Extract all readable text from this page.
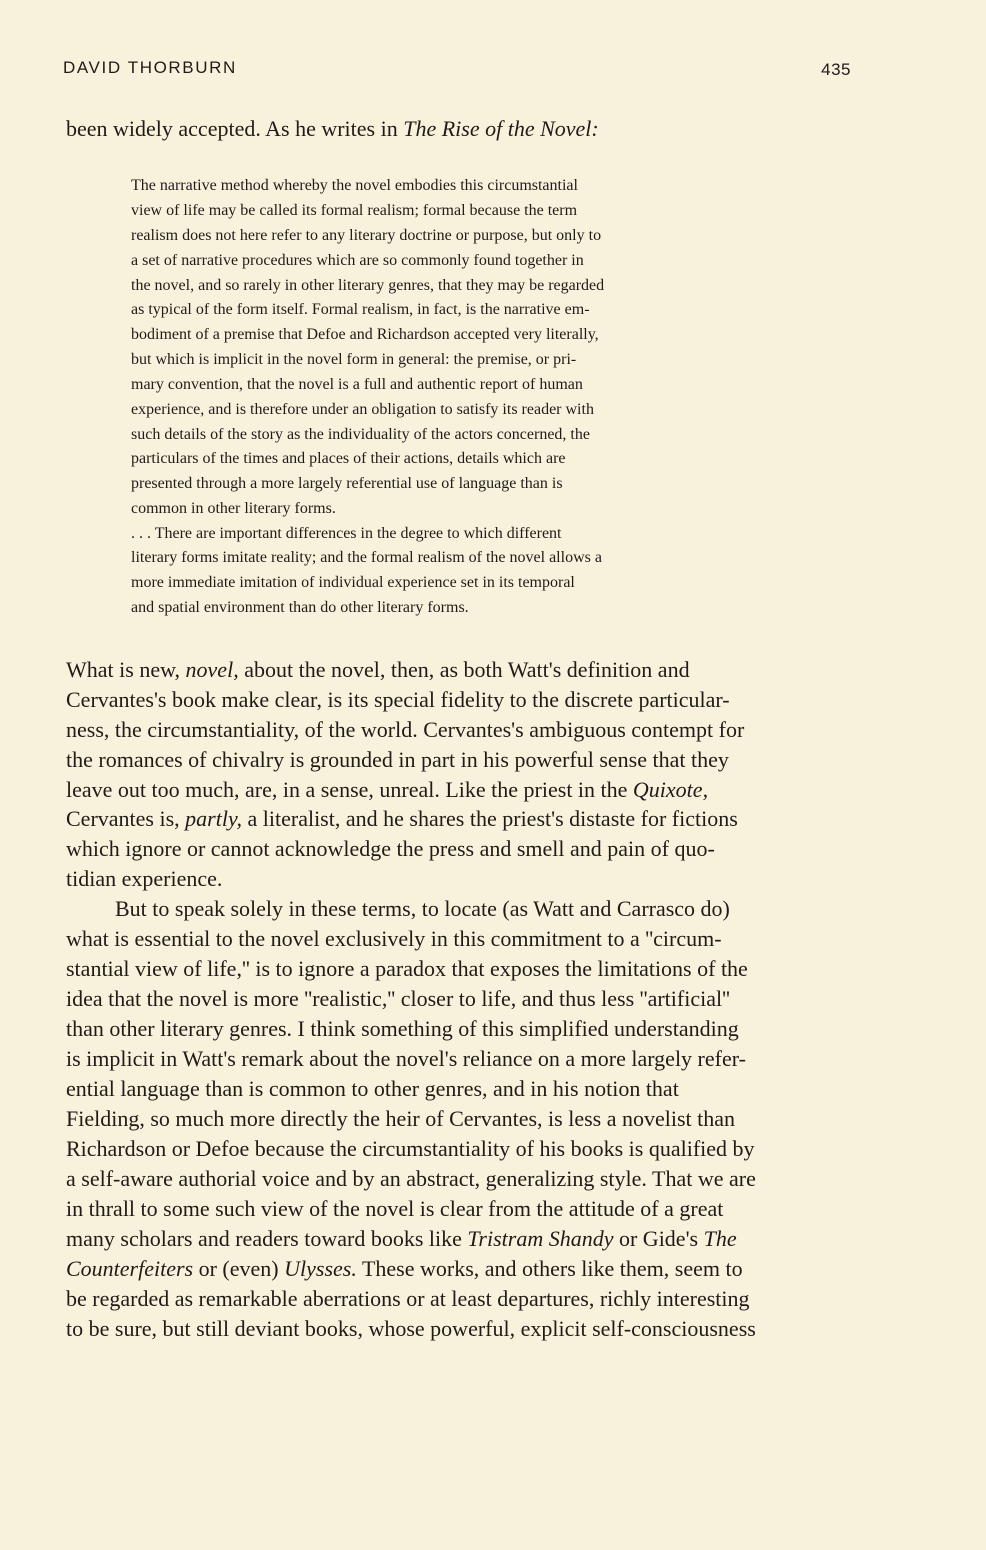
DAVID THORBURN	435
been widely accepted. As he writes in The Rise of the Novel:
The narrative method whereby the novel embodies this circumstantial
view of life may be called its formal realism; formal because the term
realism does not here refer to any literary doctrine or purpose, but only to
a set of narrative procedures which are so commonly found together in
the novel, and so rarely in other literary genres, that they may be regarded
as typical of the form itself. Formal realism, in fact, is the narrative em-
bodiment of a premise that Defoe and Richardson accepted very literally,
but which is implicit in the novel form in general: the premise, or pri-
mary convention, that the novel is a full and authentic report of human
experience, and is therefore under an obligation to satisfy its reader with
such details of the story as the individuality of the actors concerned, the
particulars of the times and places of their actions, details which are
presented through a more largely referential use of language than is
common in other literary forms.
. . . There are important differences in the degree to which different
literary forms imitate reality; and the formal realism of the novel allows a
more immediate imitation of individual experience set in its temporal
and spatial environment than do other literary forms.
What is new, novel, about the novel, then, as both Watt's definition and
Cervantes's book make clear, is its special fidelity to the discrete particular-
ness, the circumstantiality, of the world. Cervantes's ambiguous contempt for
the romances of chivalry is grounded in part in his powerful sense that they
leave out too much, are, in a sense, unreal. Like the priest in the Quixote,
Cervantes is, partly, a literalist, and he shares the priest's distaste for fictions
which ignore or cannot acknowledge the press and smell and pain of quo-
tidian experience.
But to speak solely in these terms, to locate (as Watt and Carrasco do)
what is essential to the novel exclusively in this commitment to a ''circum-
stantial view of life,'' is to ignore a paradox that exposes the limitations of the
idea that the novel is more ''realistic,'' closer to life, and thus less ''artificial''
than other literary genres. I think something of this simplified understanding
is implicit in Watt's remark about the novel's reliance on a more largely refer-
ential language than is common to other genres, and in his notion that
Fielding, so much more directly the heir of Cervantes, is less a novelist than
Richardson or Defoe because the circumstantiality of his books is qualified by
a self-aware authorial voice and by an abstract, generalizing style. That we are
in thrall to some such view of the novel is clear from the attitude of a great
many scholars and readers toward books like Tristram Shandy or Gide's The
Counterfeiters or (even) Ulysses. These works, and others like them, seem to
be regarded as remarkable aberrations or at least departures, richly interesting
to be sure, but still deviant books, whose powerful, explicit self-consciousness
